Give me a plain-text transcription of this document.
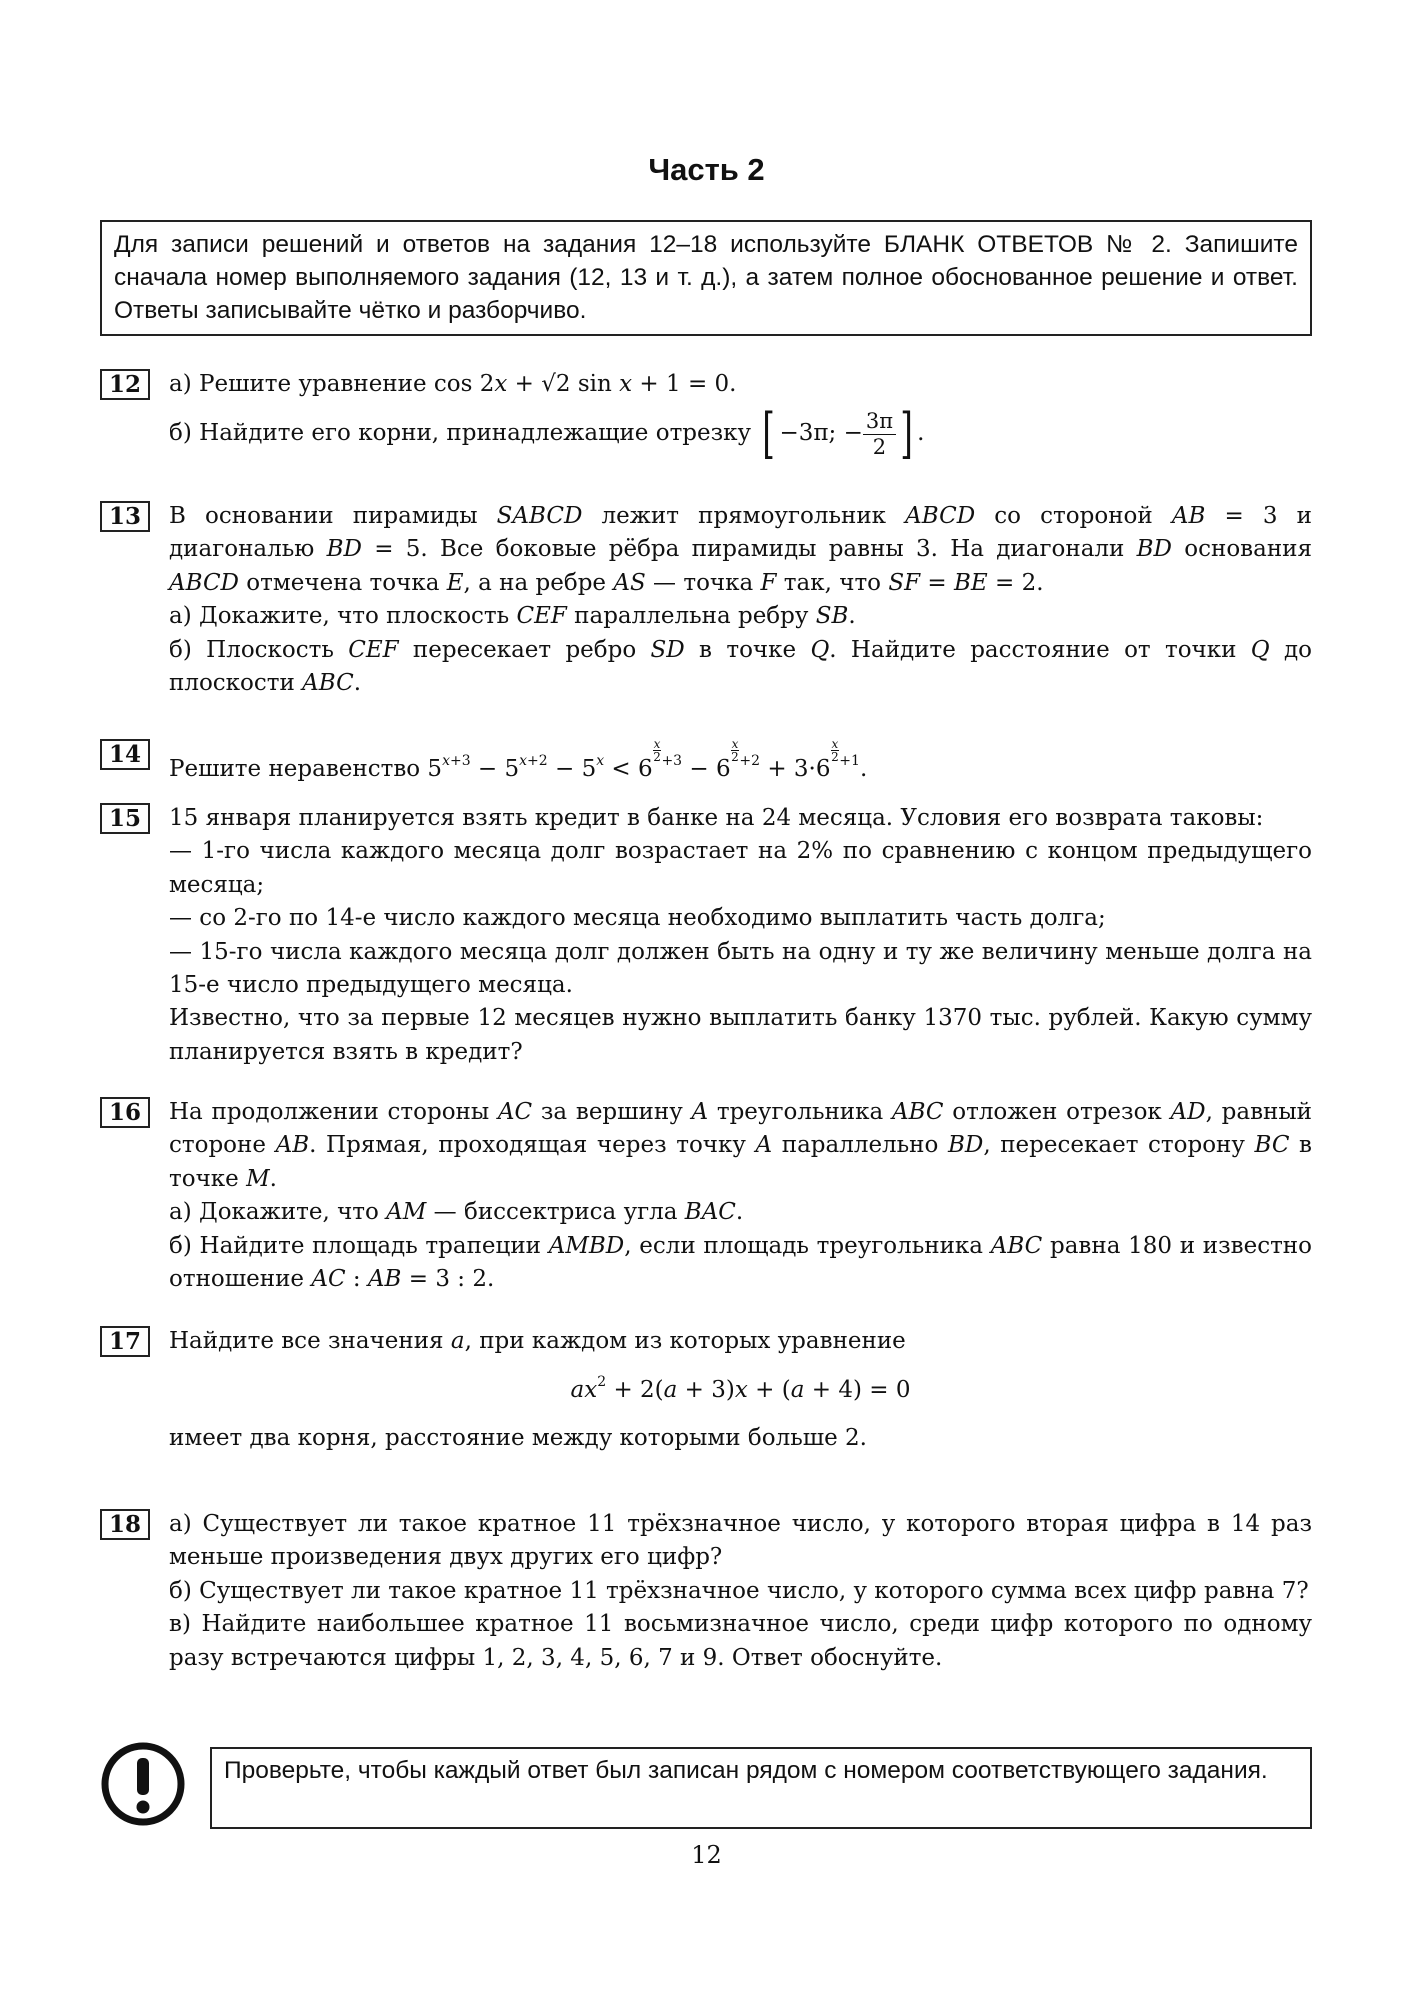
Часть 2
Для записи решений и ответов на задания 12–18 используйте БЛАНК ОТВЕТОВ № 2. Запишите сначала номер выполняемого задания (12, 13 и т. д.), а затем полное обоснованное решение и ответ. Ответы записывайте чётко и разборчиво.
12	а) Решите уравнение cos 2x + √2 sin x + 1 = 0.
б) Найдите его корни, принадлежащие отрезку [ −3π; − $\frac{3\pi}{2}$ ] .
13	В основании пирамиды SABCD лежит прямоугольник ABCD со стороной AB = 3 и диагональю BD = 5. Все боковые рёбра пирамиды равны 3. На диагонали BD основания ABCD отмечена точка E, а на ребре AS — точка F так, что SF = BE = 2.
а) Докажите, что плоскость CEF параллельна ребру SB.
б) Плоскость CEF пересекает ребро SD в точке Q. Найдите расстояние от точки Q до плоскости ABC.
14
Решите неравенство $5^{x+3} - 5^{x+2} - 5^x < 6$
$\frac{x}{2} ^{+3} - 6$
$\frac{x}{2} ^{+2} + 3\cdot 6$
$\frac{x}{2} ^{+1}$.
15	15 января планируется взять кредит в банке на 24 месяца. Условия его возврата таковы:
— 1-го числа каждого месяца долг возрастает на 2% по сравнению с концом предыдущего месяца;
— со 2-го по 14-е число каждого месяца необходимо выплатить часть долга;
— 15-го числа каждого месяца долг должен быть на одну и ту же величину меньше долга на 15-е число предыдущего месяца.
Известно, что за первые 12 месяцев нужно выплатить банку 1370 тыс. рублей. Какую сумму планируется взять в кредит?
16	На продолжении стороны AC за вершину A треугольника ABC отложен отрезок AD, равный стороне AB. Прямая, проходящая через точку A параллельно BD, пересекает сторону BC в точке M.
а) Докажите, что AM — биссектриса угла BAC.
б) Найдите площадь трапеции AMBD, если площадь треугольника ABC равна 180 и известно отношение AC : AB = 3 : 2.
17	Найдите все значения a, при каждом из которых уравнение
$ax^2 + 2(a + 3)x + (a + 4) = 0$
имеет два корня, расстояние между которыми больше 2.
18	а) Существует ли такое кратное 11 трёхзначное число, у которого вторая цифра в 14 раз меньше произведения двух других его цифр?
б) Существует ли такое кратное 11 трёхзначное число, у которого сумма всех цифр равна 7?
в) Найдите наибольшее кратное 11 восьмизначное число, среди цифр которого по одному разу встречаются цифры 1, 2, 3, 4, 5, 6, 7 и 9. Ответ обоснуйте.
Проверьте, чтобы каждый ответ был записан рядом с номером соответствующего задания.
12
